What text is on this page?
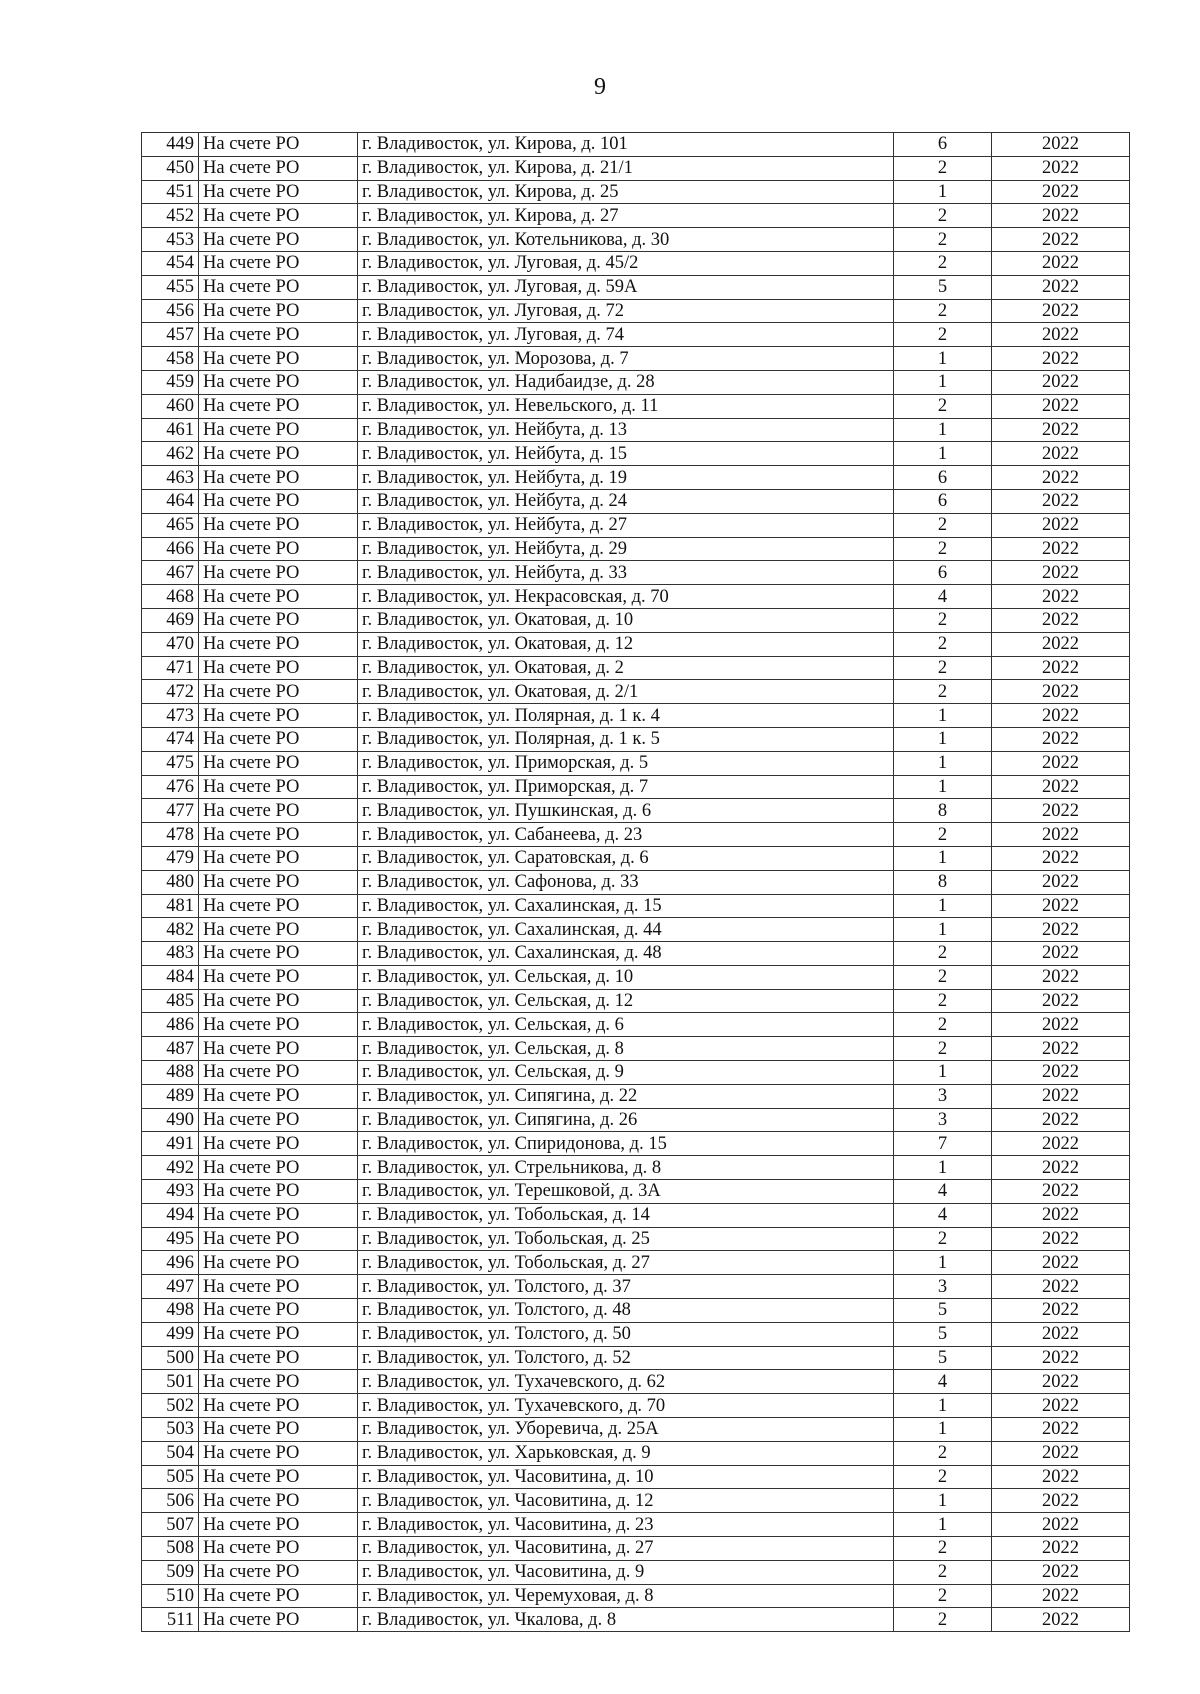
9
449	На счете РО	г. Владивосток, ул. Кирова, д. 101	6	2022
450	На счете РО	г. Владивосток, ул. Кирова, д. 21/1	2	2022
451	На счете РО	г. Владивосток, ул. Кирова, д. 25	1	2022
452	На счете РО	г. Владивосток, ул. Кирова, д. 27	2	2022
453	На счете РО	г. Владивосток, ул. Котельникова, д. 30	2	2022
454	На счете РО	г. Владивосток, ул. Луговая, д. 45/2	2	2022
455	На счете РО	г. Владивосток, ул. Луговая, д. 59А	5	2022
456	На счете РО	г. Владивосток, ул. Луговая, д. 72	2	2022
457	На счете РО	г. Владивосток, ул. Луговая, д. 74	2	2022
458	На счете РО	г. Владивосток, ул. Морозова, д. 7	1	2022
459	На счете РО	г. Владивосток, ул. Надибаидзе, д. 28	1	2022
460	На счете РО	г. Владивосток, ул. Невельского, д. 11	2	2022
461	На счете РО	г. Владивосток, ул. Нейбута, д. 13	1	2022
462	На счете РО	г. Владивосток, ул. Нейбута, д. 15	1	2022
463	На счете РО	г. Владивосток, ул. Нейбута, д. 19	6	2022
464	На счете РО	г. Владивосток, ул. Нейбута, д. 24	6	2022
465	На счете РО	г. Владивосток, ул. Нейбута, д. 27	2	2022
466	На счете РО	г. Владивосток, ул. Нейбута, д. 29	2	2022
467	На счете РО	г. Владивосток, ул. Нейбута, д. 33	6	2022
468	На счете РО	г. Владивосток, ул. Некрасовская, д. 70	4	2022
469	На счете РО	г. Владивосток, ул. Окатовая, д. 10	2	2022
470	На счете РО	г. Владивосток, ул. Окатовая, д. 12	2	2022
471	На счете РО	г. Владивосток, ул. Окатовая, д. 2	2	2022
472	На счете РО	г. Владивосток, ул. Окатовая, д. 2/1	2	2022
473	На счете РО	г. Владивосток, ул. Полярная, д. 1 к. 4	1	2022
474	На счете РО	г. Владивосток, ул. Полярная, д. 1 к. 5	1	2022
475	На счете РО	г. Владивосток, ул. Приморская, д. 5	1	2022
476	На счете РО	г. Владивосток, ул. Приморская, д. 7	1	2022
477	На счете РО	г. Владивосток, ул. Пушкинская, д. 6	8	2022
478	На счете РО	г. Владивосток, ул. Сабанеева, д. 23	2	2022
479	На счете РО	г. Владивосток, ул. Саратовская, д. 6	1	2022
480	На счете РО	г. Владивосток, ул. Сафонова, д. 33	8	2022
481	На счете РО	г. Владивосток, ул. Сахалинская, д. 15	1	2022
482	На счете РО	г. Владивосток, ул. Сахалинская, д. 44	1	2022
483	На счете РО	г. Владивосток, ул. Сахалинская, д. 48	2	2022
484	На счете РО	г. Владивосток, ул. Сельская, д. 10	2	2022
485	На счете РО	г. Владивосток, ул. Сельская, д. 12	2	2022
486	На счете РО	г. Владивосток, ул. Сельская, д. 6	2	2022
487	На счете РО	г. Владивосток, ул. Сельская, д. 8	2	2022
488	На счете РО	г. Владивосток, ул. Сельская, д. 9	1	2022
489	На счете РО	г. Владивосток, ул. Сипягина, д. 22	3	2022
490	На счете РО	г. Владивосток, ул. Сипягина, д. 26	3	2022
491	На счете РО	г. Владивосток, ул. Спиридонова, д. 15	7	2022
492	На счете РО	г. Владивосток, ул. Стрельникова, д. 8	1	2022
493	На счете РО	г. Владивосток, ул. Терешковой, д. 3А	4	2022
494	На счете РО	г. Владивосток, ул. Тобольская, д. 14	4	2022
495	На счете РО	г. Владивосток, ул. Тобольская, д. 25	2	2022
496	На счете РО	г. Владивосток, ул. Тобольская, д. 27	1	2022
497	На счете РО	г. Владивосток, ул. Толстого, д. 37	3	2022
498	На счете РО	г. Владивосток, ул. Толстого, д. 48	5	2022
499	На счете РО	г. Владивосток, ул. Толстого, д. 50	5	2022
500	На счете РО	г. Владивосток, ул. Толстого, д. 52	5	2022
501	На счете РО	г. Владивосток, ул. Тухачевского, д. 62	4	2022
502	На счете РО	г. Владивосток, ул. Тухачевского, д. 70	1	2022
503	На счете РО	г. Владивосток, ул. Уборевича, д. 25А	1	2022
504	На счете РО	г. Владивосток, ул. Харьковская, д. 9	2	2022
505	На счете РО	г. Владивосток, ул. Часовитина, д. 10	2	2022
506	На счете РО	г. Владивосток, ул. Часовитина, д. 12	1	2022
507	На счете РО	г. Владивосток, ул. Часовитина, д. 23	1	2022
508	На счете РО	г. Владивосток, ул. Часовитина, д. 27	2	2022
509	На счете РО	г. Владивосток, ул. Часовитина, д. 9	2	2022
510	На счете РО	г. Владивосток, ул. Черемуховая, д. 8	2	2022
511	На счете РО	г. Владивосток, ул. Чкалова, д. 8	2	2022
